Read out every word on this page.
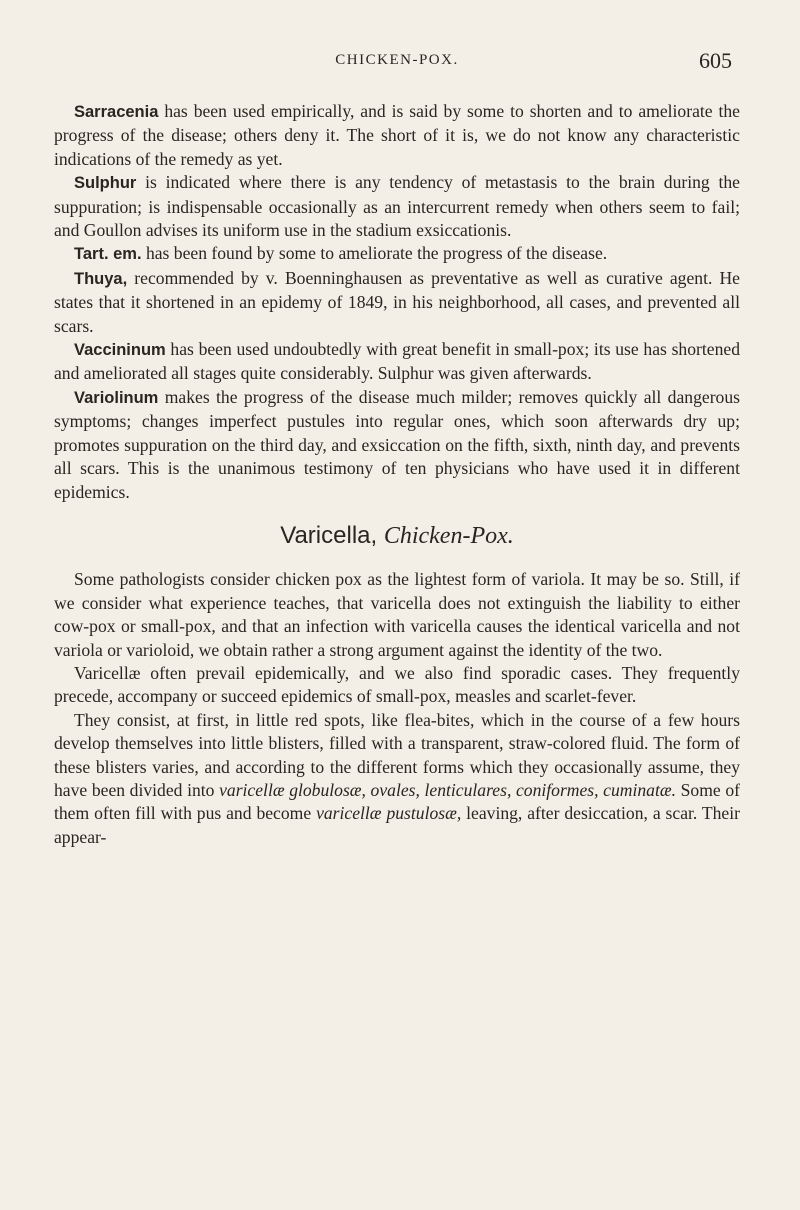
CHICKEN-POX.	605

Sarracenia has been used empirically, and is said by some to shorten and to ameliorate the progress of the disease; others deny it. The short of it is, we do not know any characteristic indications of the remedy as yet.

Sulphur is indicated where there is any tendency of metastasis to the brain during the suppuration; is indispensable occasionally as an intercurrent remedy when others seem to fail; and Goullon advises its uniform use in the stadium exsiccationis.

Tart. em. has been found by some to ameliorate the progress of the disease.

Thuya, recommended by v. Boenninghausen as preventative as well as curative agent. He states that it shortened in an epidemy of 1849, in his neighborhood, all cases, and prevented all scars.

Vaccininum has been used undoubtedly with great benefit in small-pox; its use has shortened and ameliorated all stages quite considerably. Sulphur was given afterwards.

Variolinum makes the progress of the disease much milder; removes quickly all dangerous symptoms; changes imperfect pustules into regular ones, which soon afterwards dry up; promotes suppuration on the third day, and exsiccation on the fifth, sixth, ninth day, and prevents all scars. This is the unanimous testimony of ten physicians who have used it in different epidemics.

Varicella, Chicken-Pox.

Some pathologists consider chicken pox as the lightest form of variola. It may be so. Still, if we consider what experience teaches, that varicella does not extinguish the liability to either cow-pox or small-pox, and that an infection with varicella causes the identical varicella and not variola or varioloid, we obtain rather a strong argument against the identity of the two.

Varicellæ often prevail epidemically, and we also find sporadic cases. They frequently precede, accompany or succeed epidemics of small-pox, measles and scarlet-fever.

They consist, at first, in little red spots, like flea-bites, which in the course of a few hours develop themselves into little blisters, filled with a transparent, straw-colored fluid. The form of these blisters varies, and according to the different forms which they occasionally assume, they have been divided into varicellæ globulosæ, ovales, lenticulares, coniformes, cuminatæ. Some of them often fill with pus and become varicellæ pustulosæ, leaving, after desiccation, a scar. Their appear-
